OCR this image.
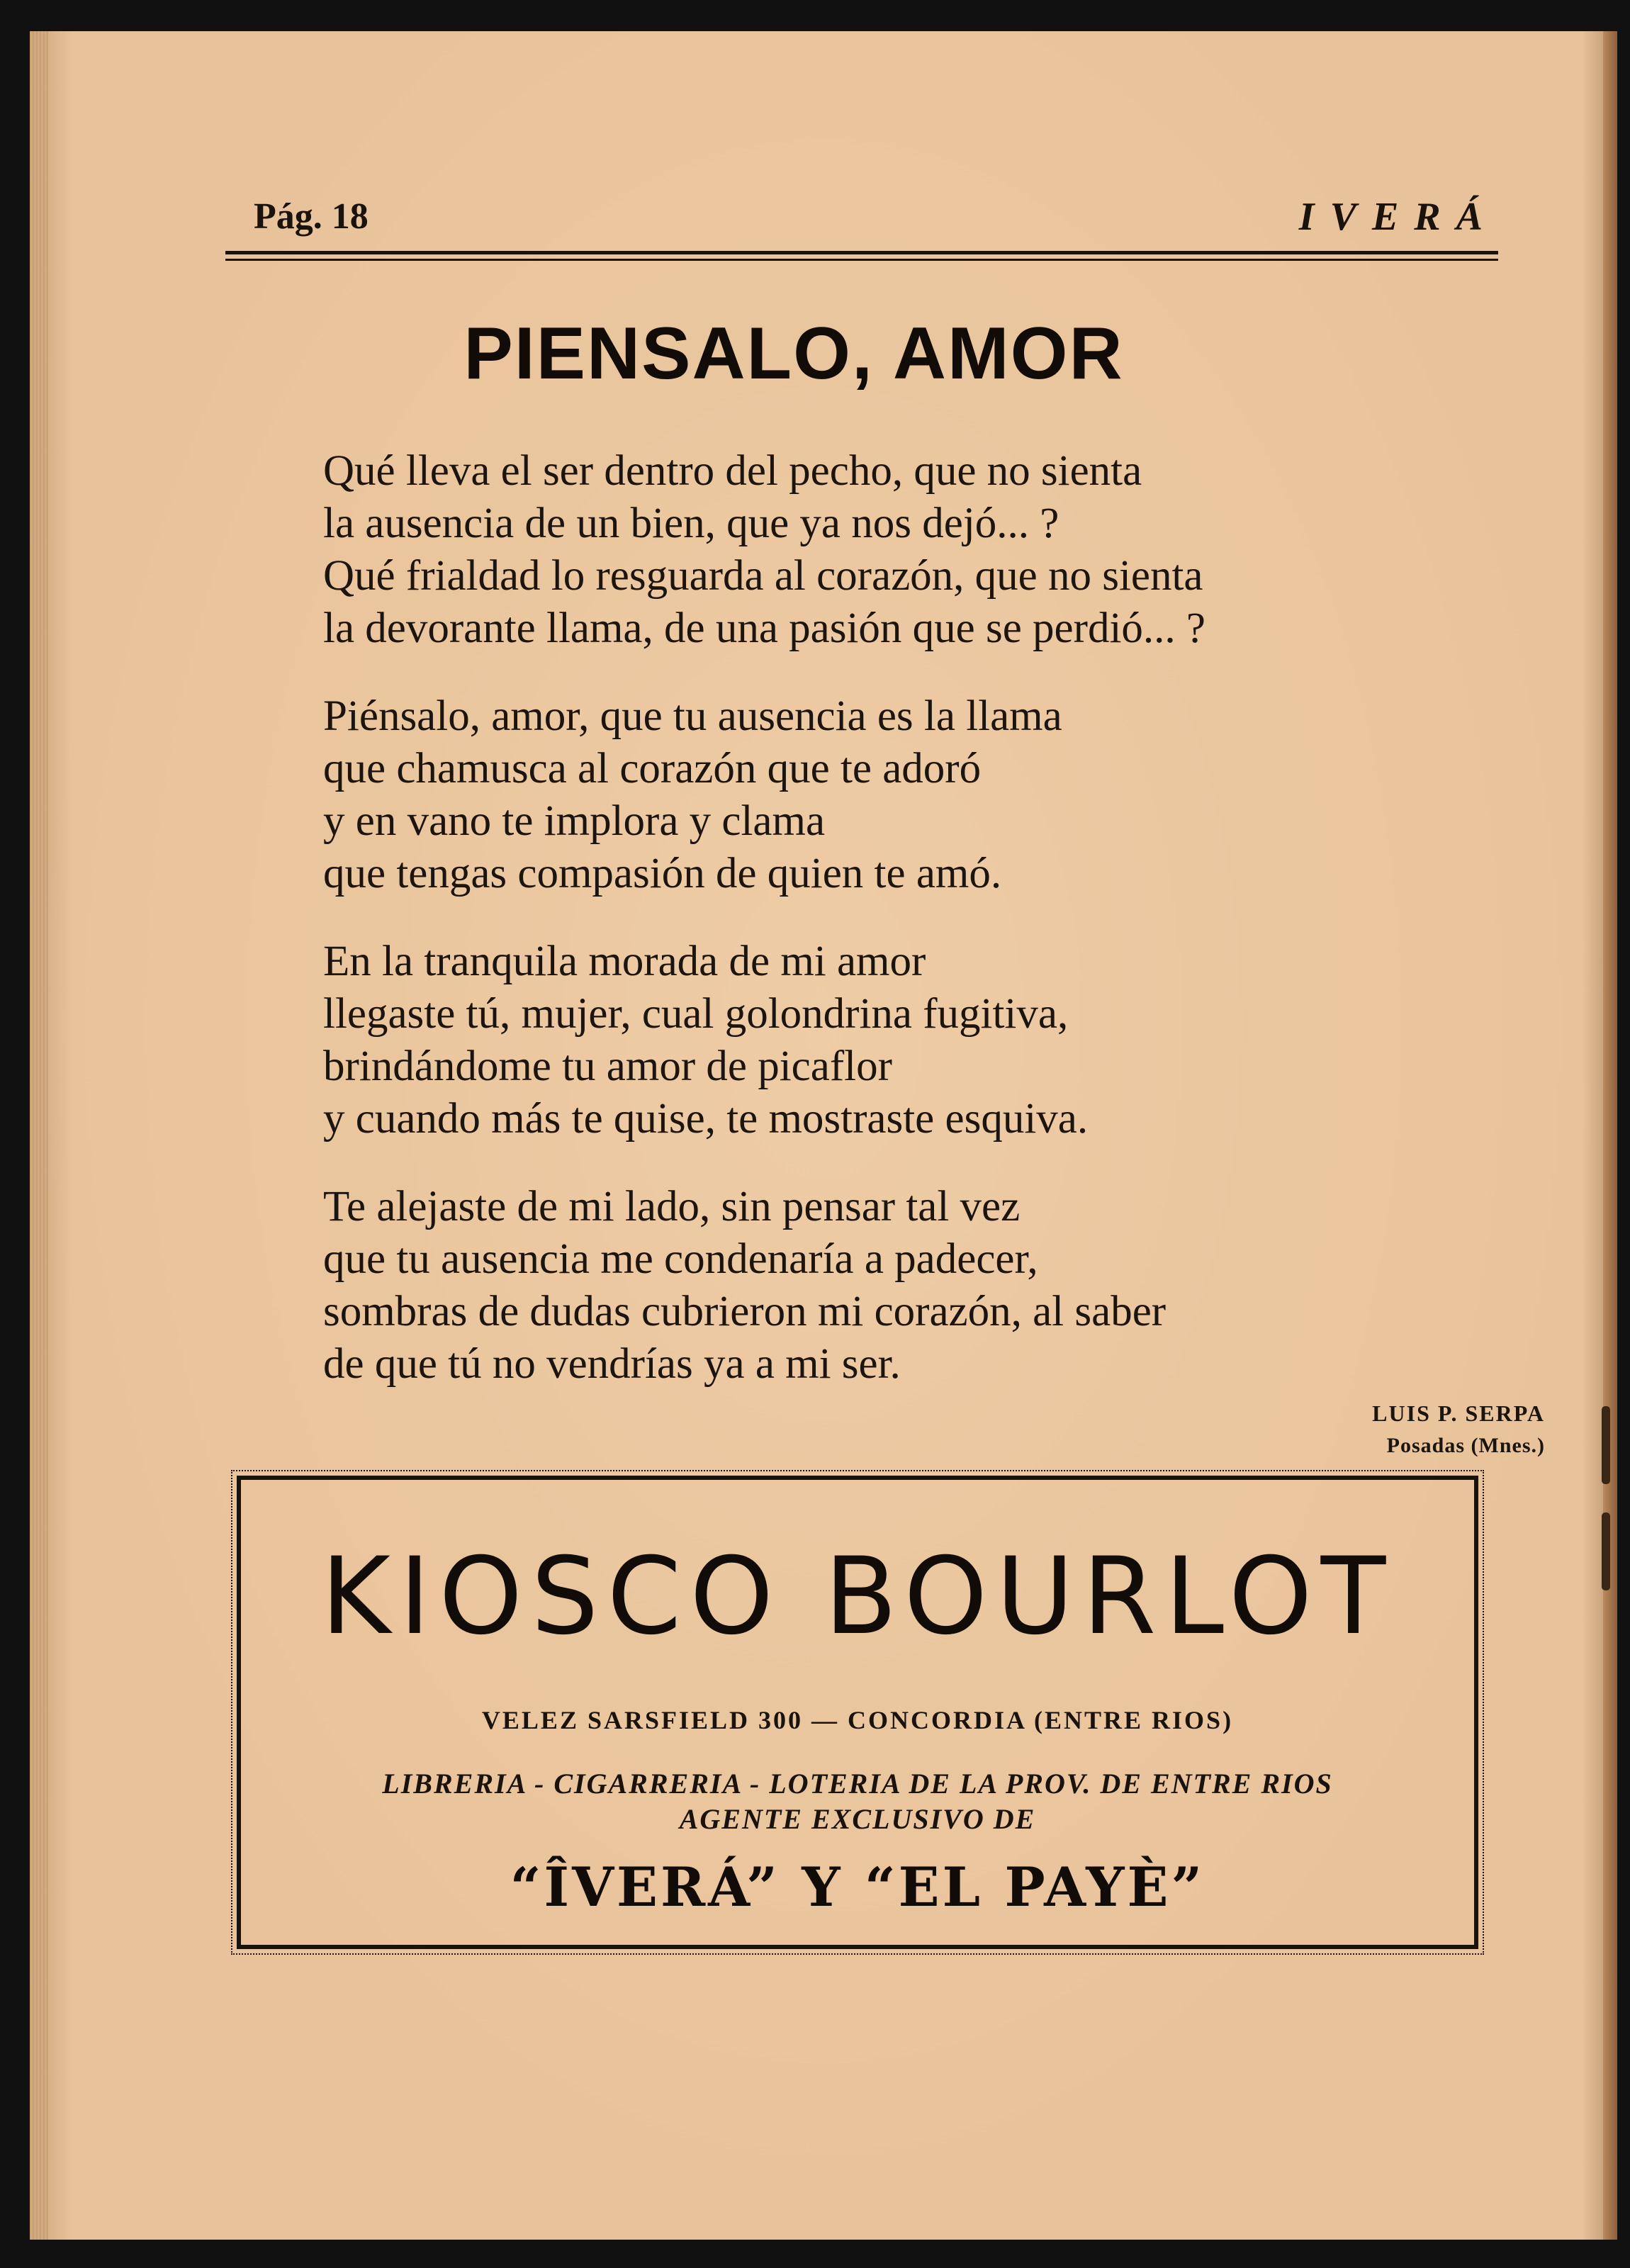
Pág. 18	IVERÁ
PIENSALO, AMOR
Qué lleva el ser dentro del pecho, que no sienta
la ausencia de un bien, que ya nos dejó... ?
Qué frialdad lo resguarda al corazón, que no sienta
la devorante llama, de una pasión que se perdió... ?
Piénsalo, amor, que tu ausencia es la llama
que chamusca al corazón que te adoró
y en vano te implora y clama
que tengas compasión de quien te amó.
En la tranquila morada de mi amor
llegaste tú, mujer, cual golondrina fugitiva,
brindándome tu amor de picaflor
y cuando más te quise, te mostraste esquiva.
Te alejaste de mi lado, sin pensar tal vez
que tu ausencia me condenaría a padecer,
sombras de dudas cubrieron mi corazón, al saber
de que tú no vendrías ya a mi ser.
LUIS P. SERPA
Posadas (Mnes.)
KIOSCO BOURLOT
VELEZ SARSFIELD 300 — CONCORDIA (ENTRE RIOS)
LIBRERIA - CIGARRERIA - LOTERIA DE LA PROV. DE ENTRE RIOS
AGENTE EXCLUSIVO DE
“ÎVERÁ” Y “EL PAYÈ”
